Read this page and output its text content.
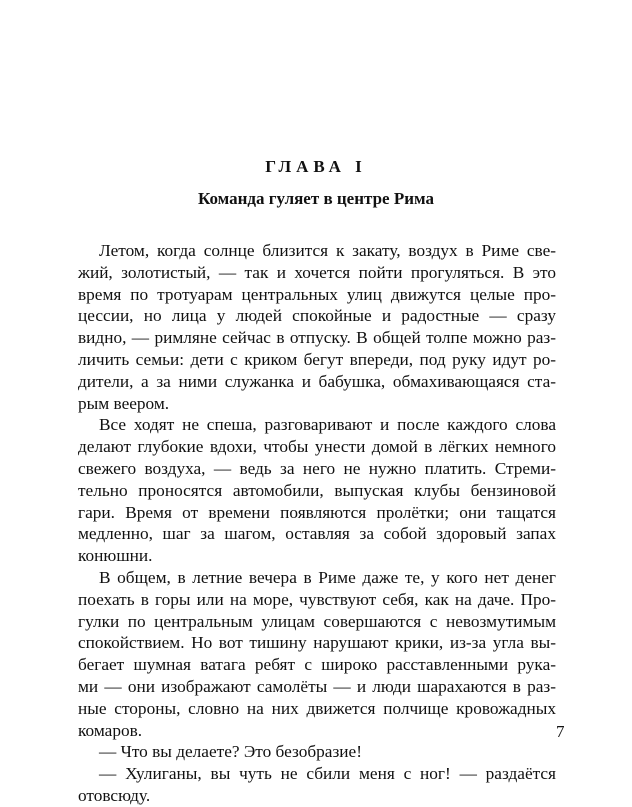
ГЛАВА I
Команда гуляет в центре Рима
Летом, когда солнце близится к закату, воздух в Риме све-
жий, золотистый, — так и хочется пойти прогуляться. В это
время по тротуарам центральных улиц движутся целые про-
цессии, но лица у людей спокойные и радостные — сразу
видно, — римляне сейчас в отпуску. В общей толпе можно раз-
личить семьи: дети с криком бегут впереди, под руку идут ро-
дители, а за ними служанка и бабушка, обмахивающаяся ста-
рым веером.
Все ходят не спеша, разговаривают и после каждого слова
делают глубокие вдохи, чтобы унести домой в лёгких немного
свежего воздуха, — ведь за него не нужно платить. Стреми-
тельно проносятся автомобили, выпуская клубы бензиновой
гари. Время от времени появляются пролётки; они тащатся
медленно, шаг за шагом, оставляя за собой здоровый запах
конюшни.
В общем, в летние вечера в Риме даже те, у кого нет денег
поехать в горы или на море, чувствуют себя, как на даче. Про-
гулки по центральным улицам совершаются с невозмутимым
спокойствием. Но вот тишину нарушают крики, из-за угла вы-
бегает шумная ватага ребят с широко расставленными рука-
ми — они изображают самолёты — и люди шарахаются в раз-
ные стороны, словно на них движется полчище кровожадных
комаров.
— Что вы делаете? Это безобразие!
— Хулиганы, вы чуть не сбили меня с ног! — раздаётся
отовсюду.
7
